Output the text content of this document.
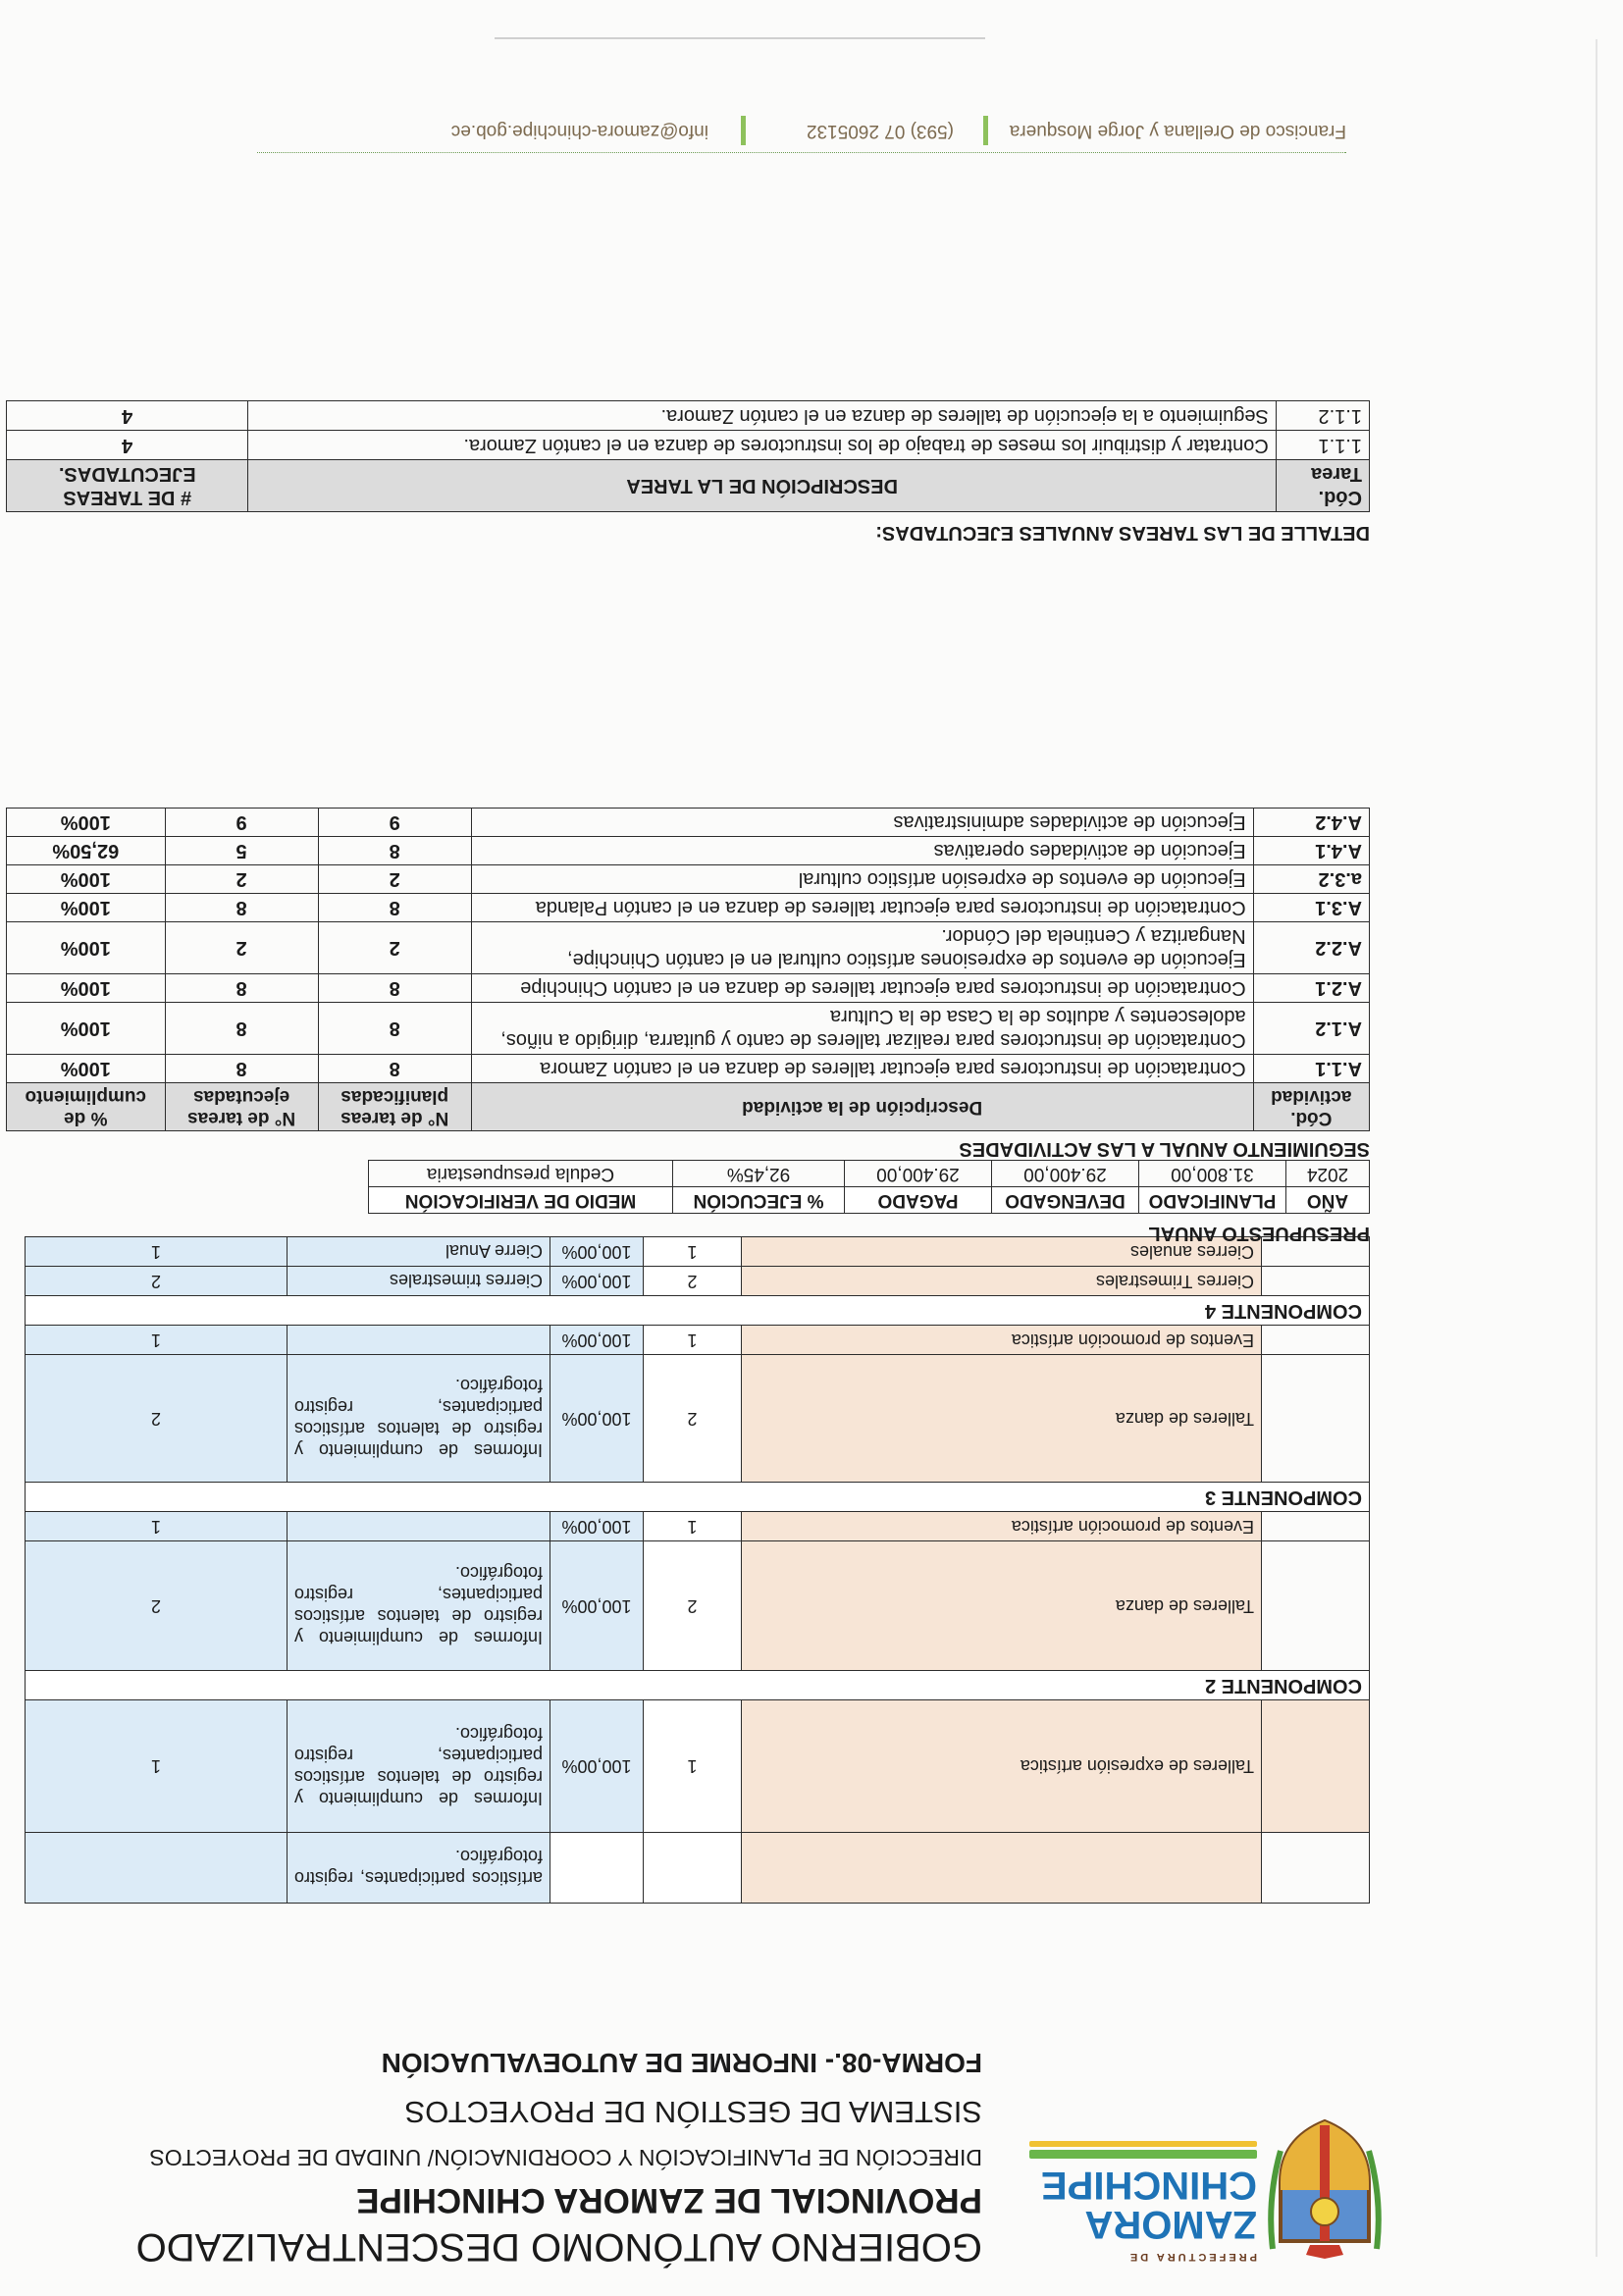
PREFECTURA DE
ZAMORA
CHINCHIPE
GOBIERNO AUTÓNOMO DESCENTRALIZADO
PROVINCIAL DE ZAMORA CHINCHIPE
DIRECCIÓN DE PLANIFICACIÓN Y COORDINACIÓN/ UNIDAD DE PROYECTOS
SISTEMA DE GESTIÓN DE PROYECTOS
FORMA-08.- INFORME DE AUTOEVALUACIÓN
				artísticos participantes, registro fotográfico.	
	Talleres de expresión artística	1	100,00%	Informes de cumplimiento y registro de talentos artísticos participantes, registro fotográfico.	1
COMPONENTE 2					
	Talleres de danza	2	100,00%	Informes de cumplimiento y registro de talentos artísticos participantes, registro fotográfico.	2
	Eventos de promoción artística	1	100,00%		1
COMPONENTE 3					
	Talleres de danza	2	100,00%	Informes de cumplimiento y registro de talentos artísticos participantes, registro fotográfico.	2
	Eventos de promoción artística	1	100,00%		1
COMPONENTE 4					
	Cierres Trimestrales	2	100,00%	Cierres trimestrales	2
	Cierres anuales	1	100,00%	Cierre Anual	1
PRESUPUESTO ANUAL
AÑO	PLANIFICADO	DEVENGADO	PAGADO	% EJECUCIÓN	MEDIO DE VERIFICACIÓN
2024	31.800,00	29.400,00	29.400,00	92,45%	Cedula presupuestaria
SEGUIMIENTO ANUAL A LAS ACTIVIDADES
Cód. actividad	Descripción de la actividad	N° de tareas planificadas	N° de tareas ejecutadas	% de cumplimiento
A.1.1	Contratación de instructores para ejecutar talleres de danza en el cantón Zamora	8	8	100%
A.1.2	Contratación de instructores para realizar talleres de canto y guitarra, dirigido a niños, adolescentes y adultos de la Casa de la Cultura	8	8	100%
A.2.1	Contratación de instructores para ejecutar talleres de danza en el cantón Chinchipe	8	8	100%
A.2.2	Ejecución de eventos de expresiones artístico cultural en el cantón Chinchipe, Nangaritza y Centinela del Cóndor.	2	2	100%
A.3.1	Contratación de instructores para ejecutar talleres de danza en el cantón Palanda	8	8	100%
a.3.2	Ejecución de eventos de expresión artístico cultural	2	2	100%
A.4.1	Ejecución de actividades operativas	8	5	62,50%
A.4.2	Ejecución de actividades administrativas	9	9	100%
DETALLE DE LAS TAREAS ANUALES EJECUTADAS:
Cód. Tarea	DESCRIPCIÓN DE LA TAREA	# DE TAREAS EJECUTADAS.
1.1.1	Contratar y distribuir los meses de trabajo de los instructores de danza en el cantón Zamora.	4
1.1.2	Seguimiento a la ejecución de talleres de danza en el cantón Zamora.	4
Francisco de Orellana y Jorge Mosquera
(593) 07 2605132
info@zamora-chinchipe.gob.ec
